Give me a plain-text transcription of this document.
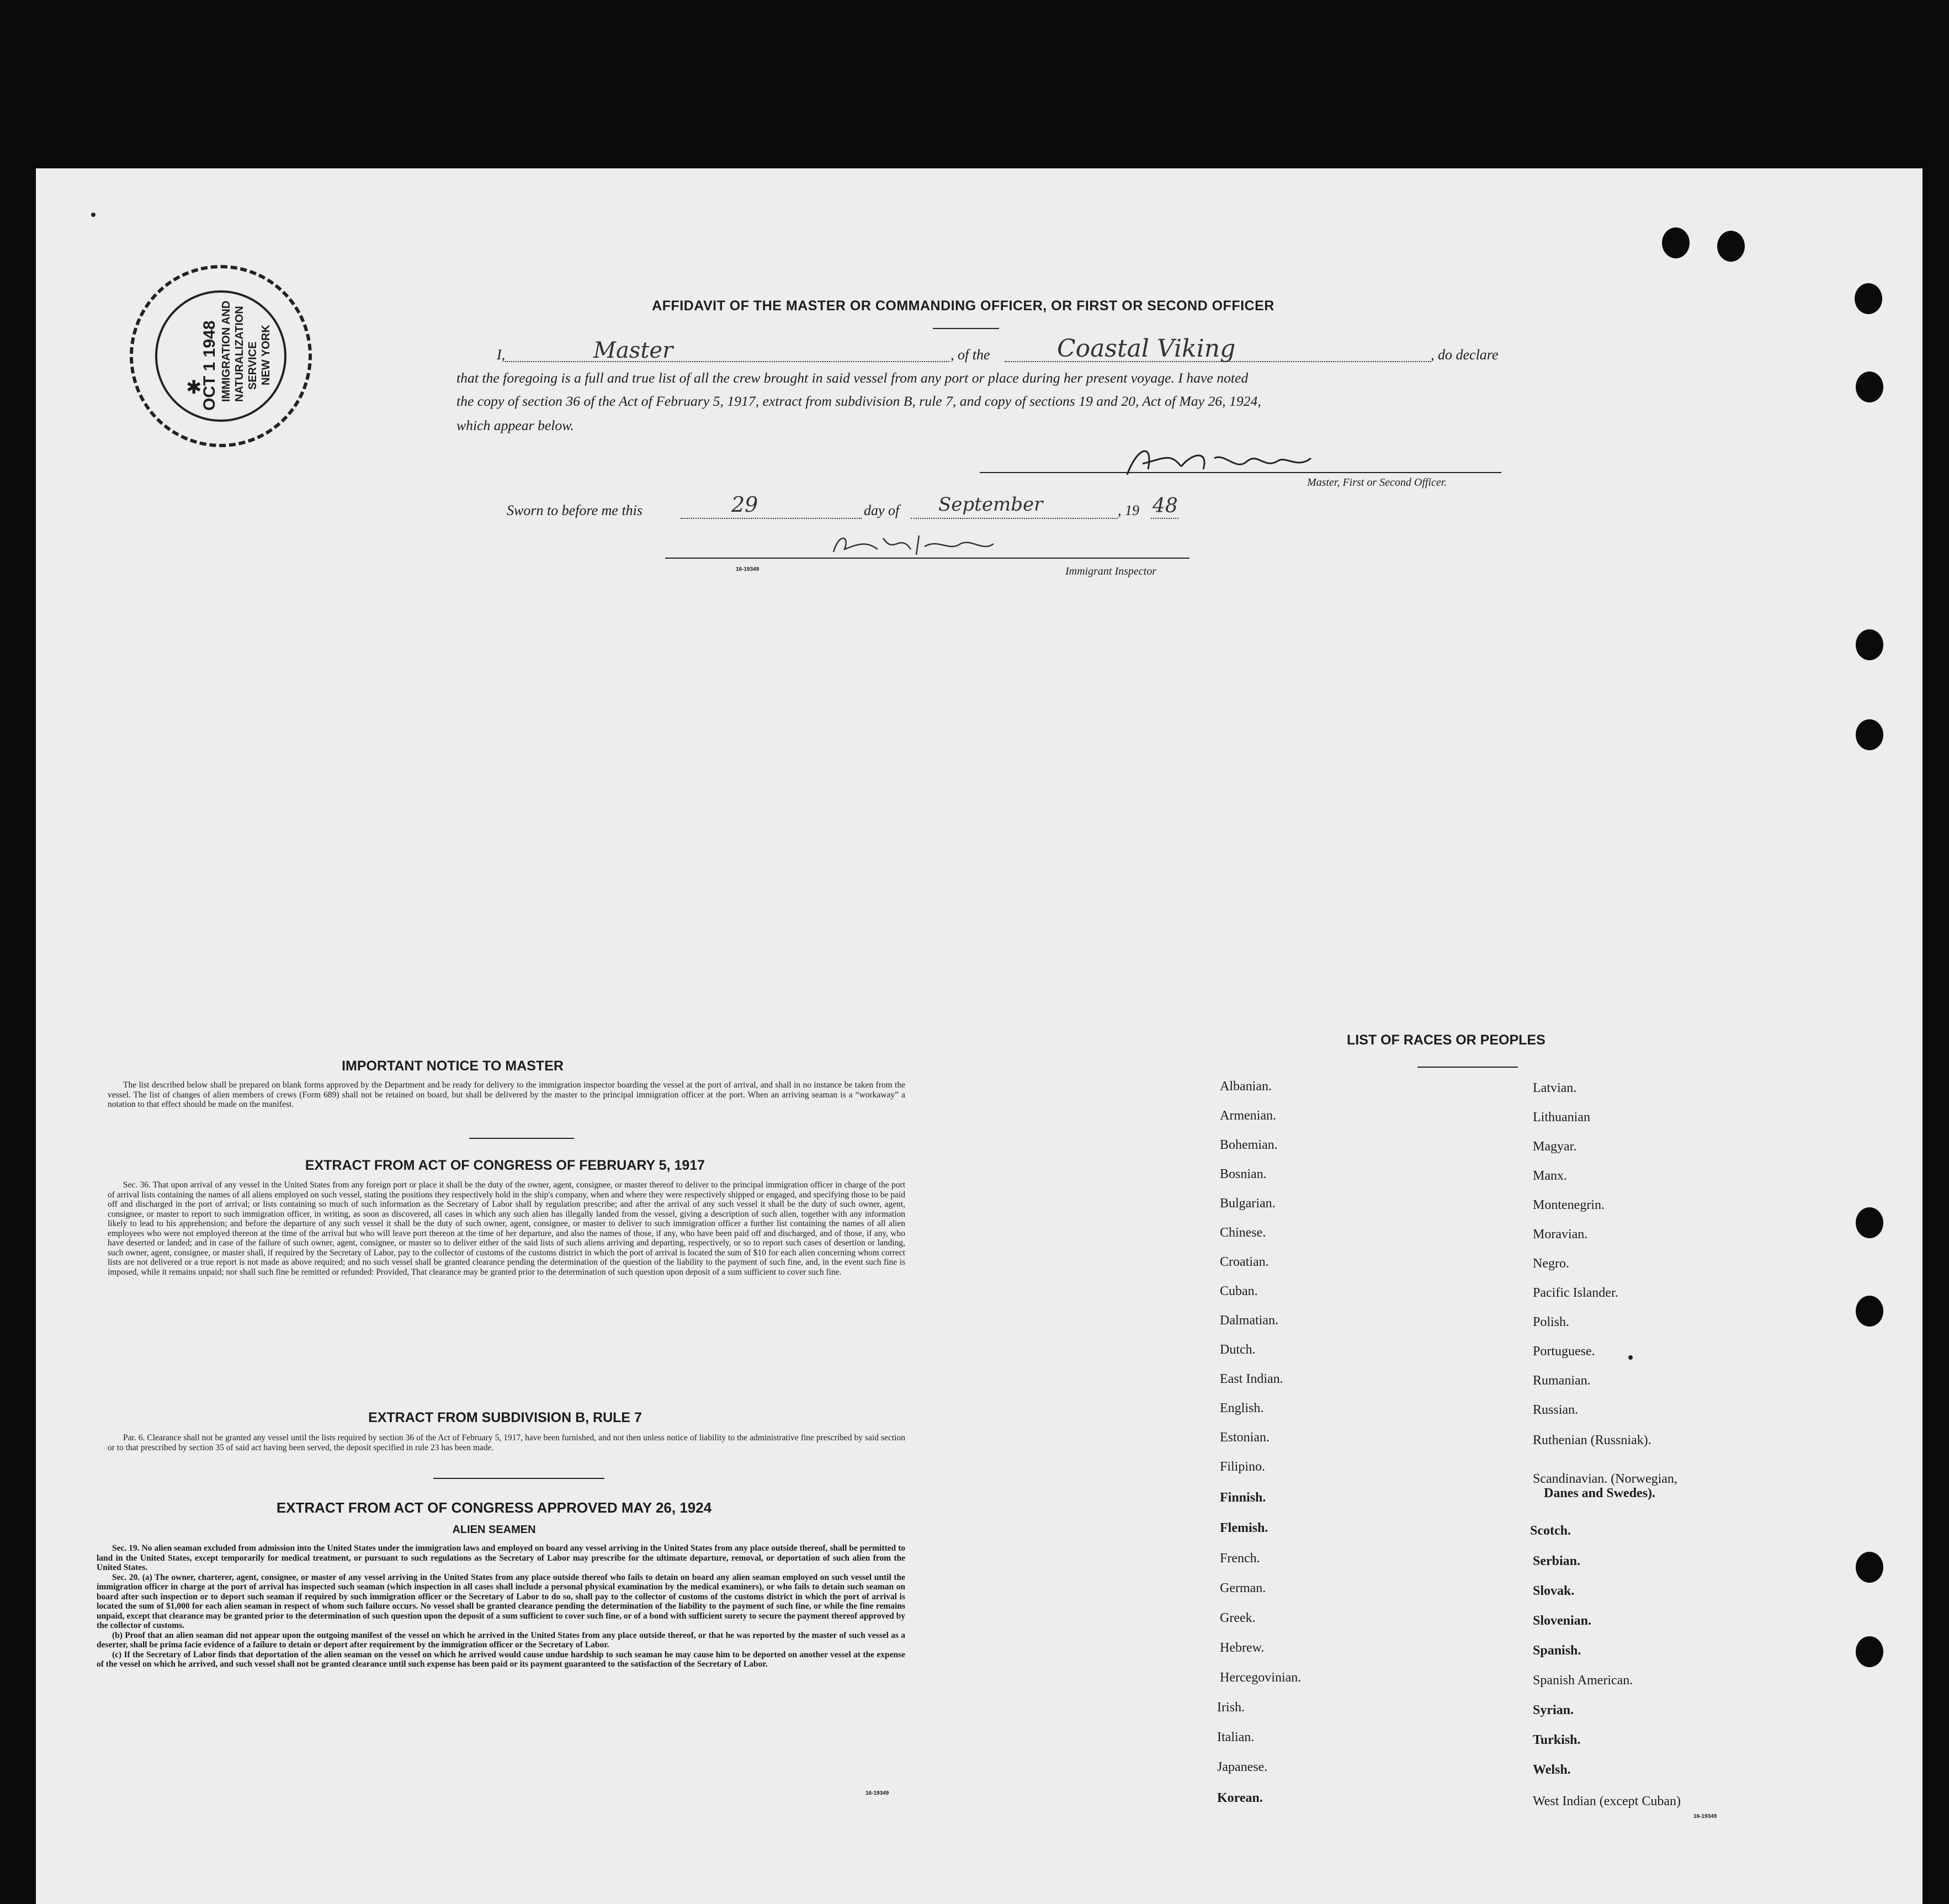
OCT 1 1948 IMMIGRATION AND NATURALIZATION SERVICE NEW YORK
✱
AFFIDAVIT OF THE MASTER OR COMMANDING OFFICER, OR FIRST OR SECOND OFFICER
I,	Master	, of the	Coastal Viking	, do declare
that the foregoing is a full and true list of all the crew brought in said vessel from any port or place during her present voyage. I have noted
the copy of section 36 of the Act of February 5, 1917, extract from subdivision B, rule 7, and copy of sections 19 and 20, Act of May 26, 1924,
which appear below.
Master, First or Second Officer.
Sworn to before me this	29	day of September	, 19 48
16-19349	Immigrant Inspector
IMPORTANT NOTICE TO MASTER

The list described below shall be prepared on blank forms approved by the Department and be ready for delivery to the immigration inspector boarding the vessel at the port of arrival, and shall in no instance be taken from the vessel. The list of changes of alien members of crews (Form 689) shall not be retained on board, but shall be delivered by the master to the principal immigration officer at the port. When an arriving seaman is a “workaway” a notation to that effect should be made on the manifest.

EXTRACT FROM ACT OF CONGRESS OF FEBRUARY 5, 1917

Sec. 36. That upon arrival of any vessel in the United States from any foreign port or place it shall be the duty of the owner, agent, consignee, or master thereof to deliver to the principal immigration officer in charge of the port of arrival lists containing the names of all aliens employed on such vessel, stating the positions they respectively hold in the ship's company, when and where they were respectively shipped or engaged, and specifying those to be paid off and discharged in the port of arrival; or lists containing so much of such information as the Secretary of Labor shall by regulation prescribe; and after the arrival of any such vessel it shall be the duty of such owner, agent, consignee, or master to report to such immigration officer, in writing, as soon as discovered, all cases in which any such alien has illegally landed from the vessel, giving a description of such alien, together with any information likely to lead to his apprehension; and before the departure of any such vessel it shall be the duty of such owner, agent, consignee, or master to deliver to such immigration officer a further list containing the names of all alien employees who were not employed thereon at the time of the arrival but who will leave port thereon at the time of her departure, and also the names of those, if any, who have been paid off and discharged, and of those, if any, who have deserted or landed; and in case of the failure of such owner, agent, consignee, or master so to deliver either of the said lists of such aliens arriving and departing, respectively, or so to report such cases of desertion or landing, such owner, agent, consignee, or master shall, if required by the Secretary of Labor, pay to the collector of customs of the customs district in which the port of arrival is located the sum of $10 for each alien concerning whom correct lists are not delivered or a true report is not made as above required; and no such vessel shall be granted clearance pending the determination of the question of the liability to the payment of such fine, and, in the event such fine is imposed, while it remains unpaid; nor shall such fine be remitted or refunded: Provided, That clearance may be granted prior to the determination of such question upon deposit of a sum sufficient to cover such fine.

EXTRACT FROM SUBDIVISION B, RULE 7

Par. 6. Clearance shall not be granted any vessel until the lists required by section 36 of the Act of February 5, 1917, have been furnished, and not then unless notice of liability to the administrative fine prescribed by said section or to that prescribed by section 35 of said act having been served, the deposit specified in rule 23 has been made.

EXTRACT FROM ACT OF CONGRESS APPROVED MAY 26, 1924
ALIEN SEAMEN

Sec. 19. No alien seaman excluded from admission into the United States under the immigration laws and employed on board any vessel arriving in the United States from any place outside thereof, shall be permitted to land in the United States, except temporarily for medical treatment, or pursuant to such regulations as the Secretary of Labor may prescribe for the ultimate departure, removal, or deportation of such alien from the United States.

Sec. 20. (a) The owner, charterer, agent, consignee, or master of any vessel arriving in the United States from any place outside thereof who fails to detain on board any alien seaman employed on such vessel until the immigration officer in charge at the port of arrival has inspected such seaman (which inspection in all cases shall include a personal physical examination by the medical examiners), or who fails to detain such seaman on board after such inspection or to deport such seaman if required by such immigration officer or the Secretary of Labor to do so, shall pay to the collector of customs of the customs district in which the port of arrival is located the sum of $1,000 for each alien seaman in respect of whom such failure occurs. No vessel shall be granted clearance pending the determination of the liability to the payment of such fine, or while the fine remains unpaid, except that clearance may be granted prior to the determination of such question upon the deposit of a sum sufficient to cover such fine, or of a bond with sufficient surety to secure the payment thereof approved by the collector of customs.

(b) Proof that an alien seaman did not appear upon the outgoing manifest of the vessel on which he arrived in the United States from any place outside thereof, or that he was reported by the master of such vessel as a deserter, shall be prima facie evidence of a failure to detain or deport after requirement by the immigration officer or the Secretary of Labor.

(c) If the Secretary of Labor finds that deportation of the alien seaman on the vessel on which he arrived would cause undue hardship to such seaman he may cause him to be deported on another vessel at the expense of the vessel on which he arrived, and such vessel shall not be granted clearance until such expense has been paid or its payment guaranteed to the satisfaction of the Secretary of Labor.

16-19349
LIST OF RACES OR PEOPLES
Albanian.
Armenian.
Bohemian.
Bosnian.
Bulgarian.
Chinese.
Croatian.
Cuban.
Dalmatian.
Dutch.
East Indian.
English.
Estonian.
Filipino.
Finnish.
Flemish.
French.
German.
Greek.
Hebrew.
Hercegovinian.
Irish.
Italian.
Japanese.
Korean.
Latvian.
Lithuanian
Magyar.
Manx.
Montenegrin.
Moravian.
Negro.
Pacific Islander.
Polish.
Portuguese.
Rumanian.
Russian.
Ruthenian (Russniak).
Scandinavian. (Norwegian,
Danes and Swedes).
Scotch.
Serbian.
Slovak.
Slovenian.
Spanish.
Spanish American.
Syrian.
Turkish.
Welsh.
West Indian (except Cuban)
16-19349
